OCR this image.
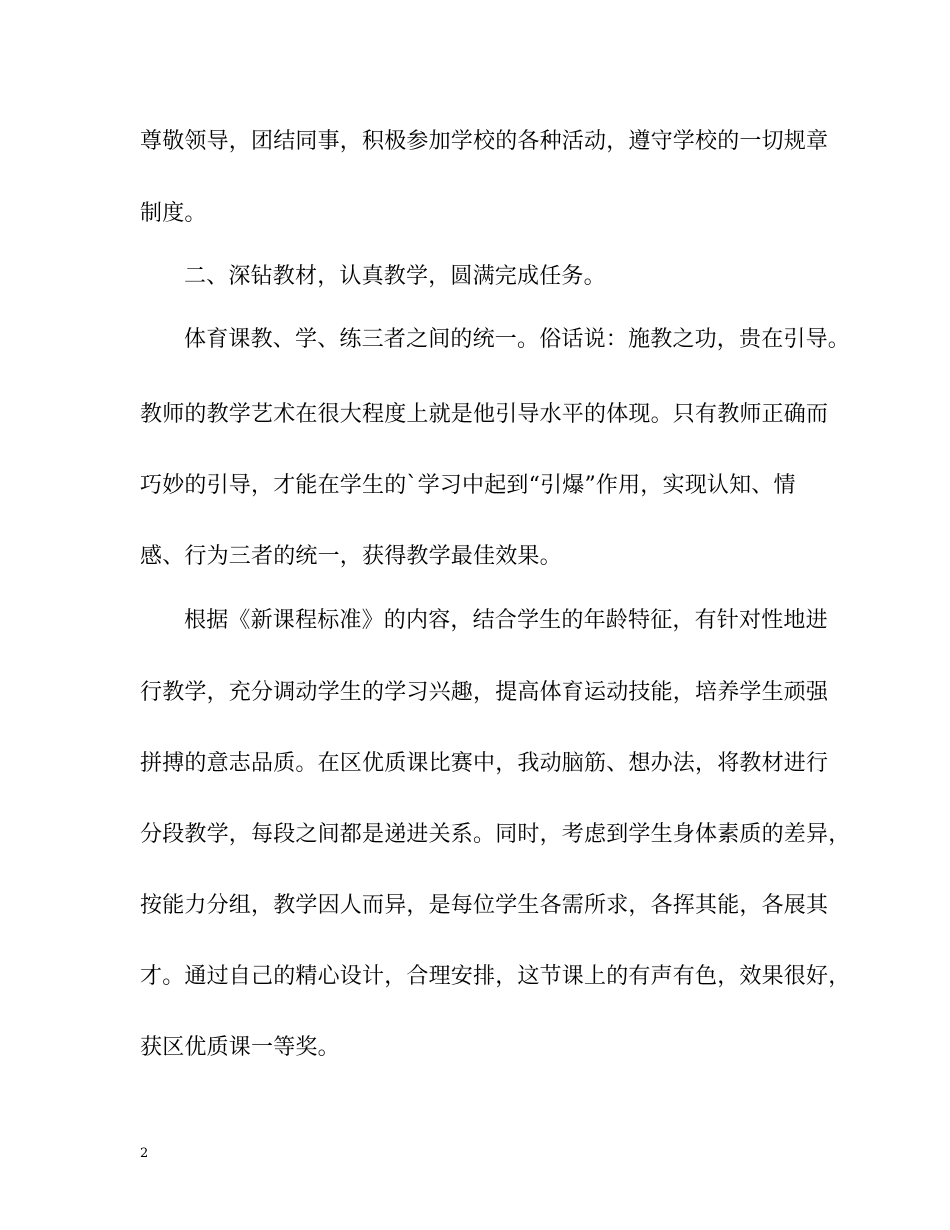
尊敬领导，团结同事，积极参加学校的各种活动，遵守学校的一切规章
制度。
二、深钻教材，认真教学，圆满完成任务。
体育课教、学、练三者之间的统一。俗话说：施教之功，贵在引导。
教师的教学艺术在很大程度上就是他引导水平的体现。只有教师正确而
巧妙的引导，才能在学生的`学习中起到“引爆”作用，实现认知、情
感、行为三者的统一，获得教学最佳效果。
根据《新课程标准》的内容，结合学生的年龄特征，有针对性地进
行教学，充分调动学生的学习兴趣，提高体育运动技能，培养学生顽强
拼搏的意志品质。在区优质课比赛中，我动脑筋、想办法，将教材进行
分段教学，每段之间都是递进关系。同时，考虑到学生身体素质的差异，
按能力分组，教学因人而异，是每位学生各需所求，各挥其能，各展其
才。通过自己的精心设计，合理安排，这节课上的有声有色，效果很好，
获区优质课一等奖。
2
